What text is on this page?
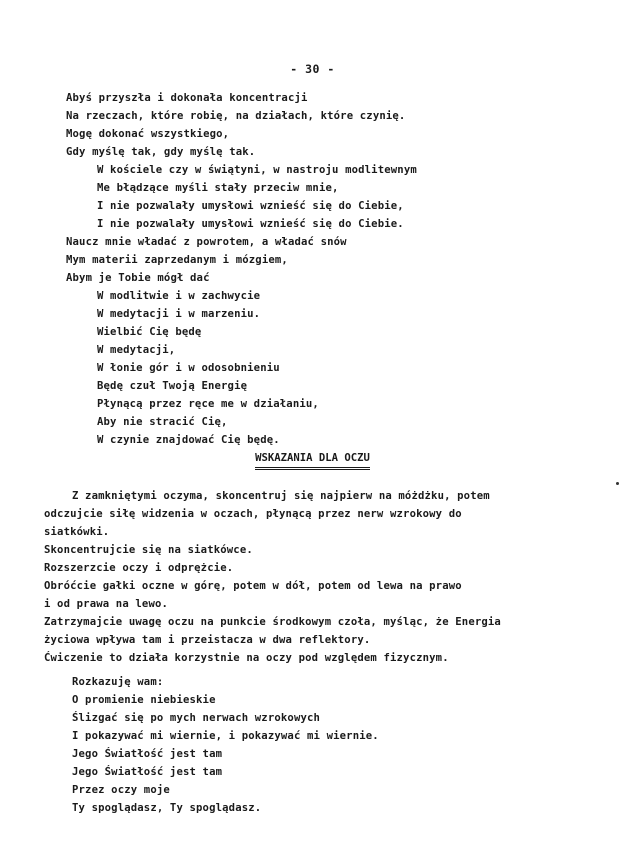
- 30 -
Abyś przyszła i dokonała koncentracji
Na rzeczach, które robię, na działach, które czynię.
Mogę dokonać wszystkiego,
Gdy myślę tak, gdy myślę tak.
W kościele czy w świątyni, w nastroju modlitewnym
Me błądzące myśli stały przeciw mnie,
I nie pozwalały umysłowi wznieść się do Ciebie,
I nie pozwalały umysłowi wznieść się do Ciebie.
Naucz mnie władać z powrotem, a władać snów
Mym materii zaprzedanym i mózgiem,
Abym je Tobie mógł dać
W modlitwie i w zachwycie
W medytacji i w marzeniu.
Wielbić Cię będę
W medytacji,
W łonie gór i w odosobnieniu
Będę czuł Twoją Energię
Płynącą przez ręce me w działaniu,
Aby nie stracić Cię,
W czynie znajdować Cię będę.
WSKAZANIA DLA OCZU
Z zamkniętymi oczyma, skoncentruj się najpierw na móżdżku, potem
odczujcie siłę widzenia w oczach, płynącą przez nerw wzrokowy do
siatkówki.
Skoncentrujcie się na siatkówce.
Rozszerzcie oczy i odprężcie.
Obróćcie gałki oczne w górę, potem w dół, potem od lewa na prawo
i od prawa na lewo.
Zatrzymajcie uwagę oczu na punkcie środkowym czoła, myśląc, że Energia
życiowa wpływa tam i przeistacza w dwa reflektory.
Ćwiczenie to działa korzystnie na oczy pod względem fizycznym.
Rozkazuję wam:
O promienie niebieskie
Ślizgać się po mych nerwach wzrokowych
I pokazywać mi wiernie, i pokazywać mi wiernie.
Jego Światłość jest tam
Jego Światłość jest tam
Przez oczy moje
Ty spoglądasz, Ty spoglądasz.
